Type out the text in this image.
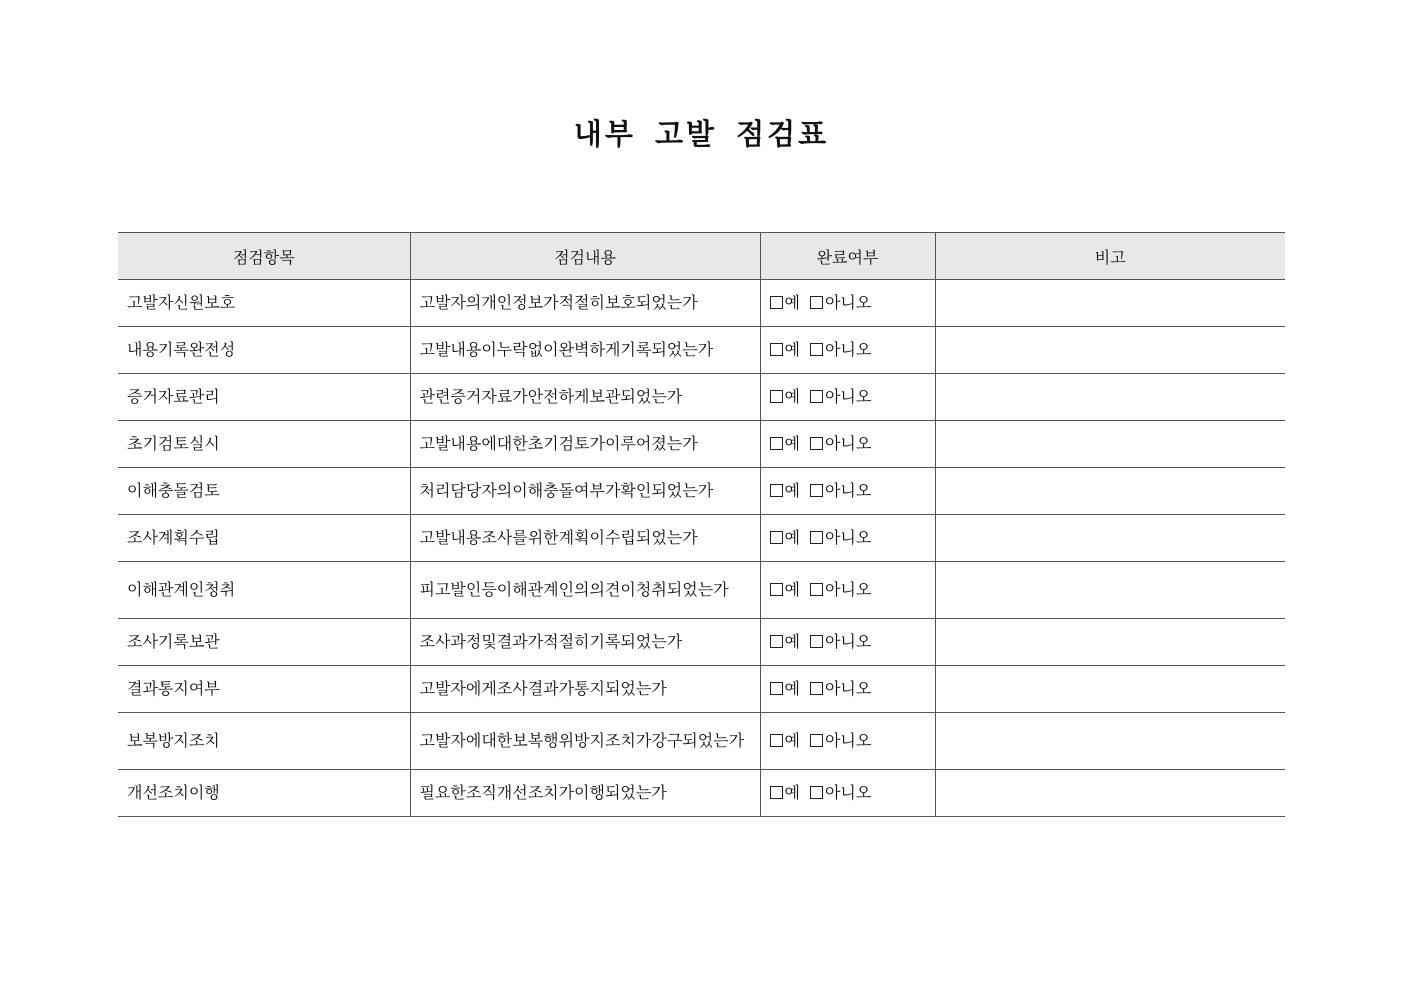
내부 고발 점검표
점검항목	점검내용	완료여부	비고
고발자신원보호	고발자의개인정보가적절히보호되었는가	예 아니오	
내용기록완전성	고발내용이누락없이완벽하게기록되었는가	예 아니오	
증거자료관리	관련증거자료가안전하게보관되었는가	예 아니오	
초기검토실시	고발내용에대한초기검토가이루어졌는가	예 아니오	
이해충돌검토	처리담당자의이해충돌여부가확인되었는가	예 아니오	
조사계획수립	고발내용조사를위한계획이수립되었는가	예 아니오	
이해관계인청취	피고발인등이해관계인의의견이청취되었는가	예 아니오	
조사기록보관	조사과정및결과가적절히기록되었는가	예 아니오	
결과통지여부	고발자에게조사결과가통지되었는가	예 아니오	
보복방지조치	고발자에대한보복행위방지조치가강구되었는가	예 아니오	
개선조치이행	필요한조직개선조치가이행되었는가	예 아니오	
